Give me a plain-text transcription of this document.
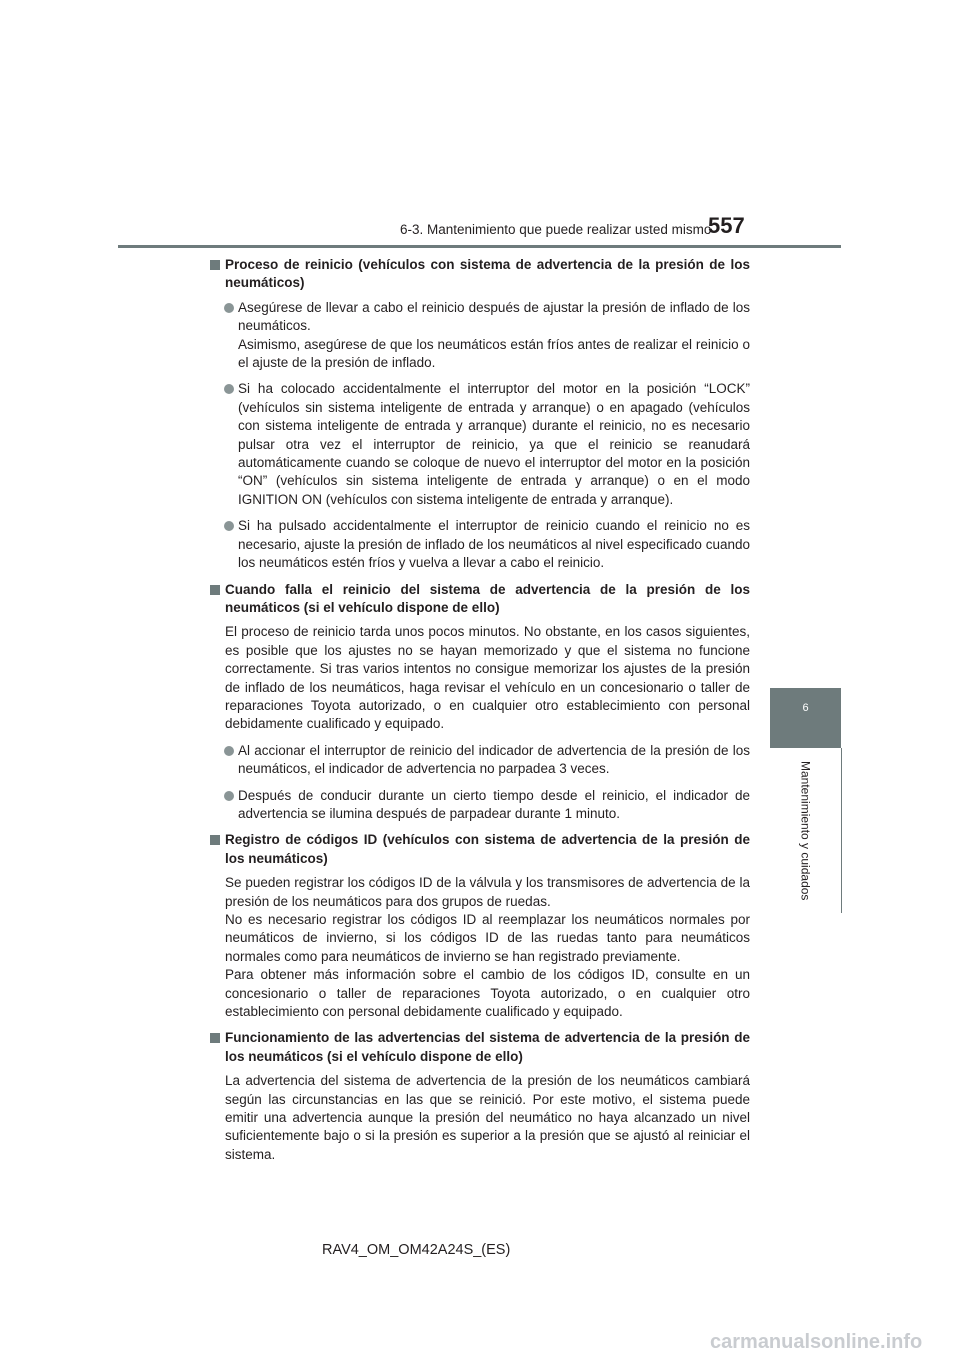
6-3. Mantenimiento que puede realizar usted mismo
557
6
Mantenimiento y cuidados
Proceso de reinicio (vehículos con sistema de advertencia de la presión de los neumáticos)
Asegúrese de llevar a cabo el reinicio después de ajustar la presión de inflado de los neumáticos.
Asimismo, asegúrese de que los neumáticos están fríos antes de realizar el reinicio o el ajuste de la presión de inflado.
Si ha colocado accidentalmente el interruptor del motor en la posición “LOCK” (vehículos sin sistema inteligente de entrada y arranque) o en apagado (vehículos con sistema inteligente de entrada y arranque) durante el reinicio, no es necesario pulsar otra vez el interruptor de reinicio, ya que el reinicio se reanudará automáticamente cuando se coloque de nuevo el interruptor del motor en la posición “ON” (vehículos sin sistema inteligente de entrada y arranque) o en el modo IGNITION ON (vehículos con sistema inteligente de entrada y arranque).
Si ha pulsado accidentalmente el interruptor de reinicio cuando el reinicio no es necesario, ajuste la presión de inflado de los neumáticos al nivel especificado cuando los neumáticos estén fríos y vuelva a llevar a cabo el reinicio.
Cuando falla el reinicio del sistema de advertencia de la presión de los neumáticos (si el vehículo dispone de ello)
El proceso de reinicio tarda unos pocos minutos. No obstante, en los casos siguientes, es posible que los ajustes no se hayan memorizado y que el sistema no funcione correctamente. Si tras varios intentos no consigue memorizar los ajustes de la presión de inflado de los neumáticos, haga revisar el vehículo en un concesionario o taller de reparaciones Toyota autorizado, o en cualquier otro establecimiento con personal debidamente cualificado y equipado.
Al accionar el interruptor de reinicio del indicador de advertencia de la presión de los neumáticos, el indicador de advertencia no parpadea 3 veces.
Después de conducir durante un cierto tiempo desde el reinicio, el indicador de advertencia se ilumina después de parpadear durante 1 minuto.
Registro de códigos ID (vehículos con sistema de advertencia de la presión de los neumáticos)
Se pueden registrar los códigos ID de la válvula y los transmisores de advertencia de la presión de los neumáticos para dos grupos de ruedas.
No es necesario registrar los códigos ID al reemplazar los neumáticos normales por neumáticos de invierno, si los códigos ID de las ruedas tanto para neumáticos normales como para neumáticos de invierno se han registrado previamente.
Para obtener más información sobre el cambio de los códigos ID, consulte en un concesionario o taller de reparaciones Toyota autorizado, o en cualquier otro establecimiento con personal debidamente cualificado y equipado.
Funcionamiento de las advertencias del sistema de advertencia de la presión de los neumáticos (si el vehículo dispone de ello)
La advertencia del sistema de advertencia de la presión de los neumáticos cambiará según las circunstancias en las que se reinició. Por este motivo, el sistema puede emitir una advertencia aunque la presión del neumático no haya alcanzado un nivel suficientemente bajo o si la presión es superior a la presión que se ajustó al reiniciar el sistema.
RAV4_OM_OM42A24S_(ES)
carmanualsonline.info
